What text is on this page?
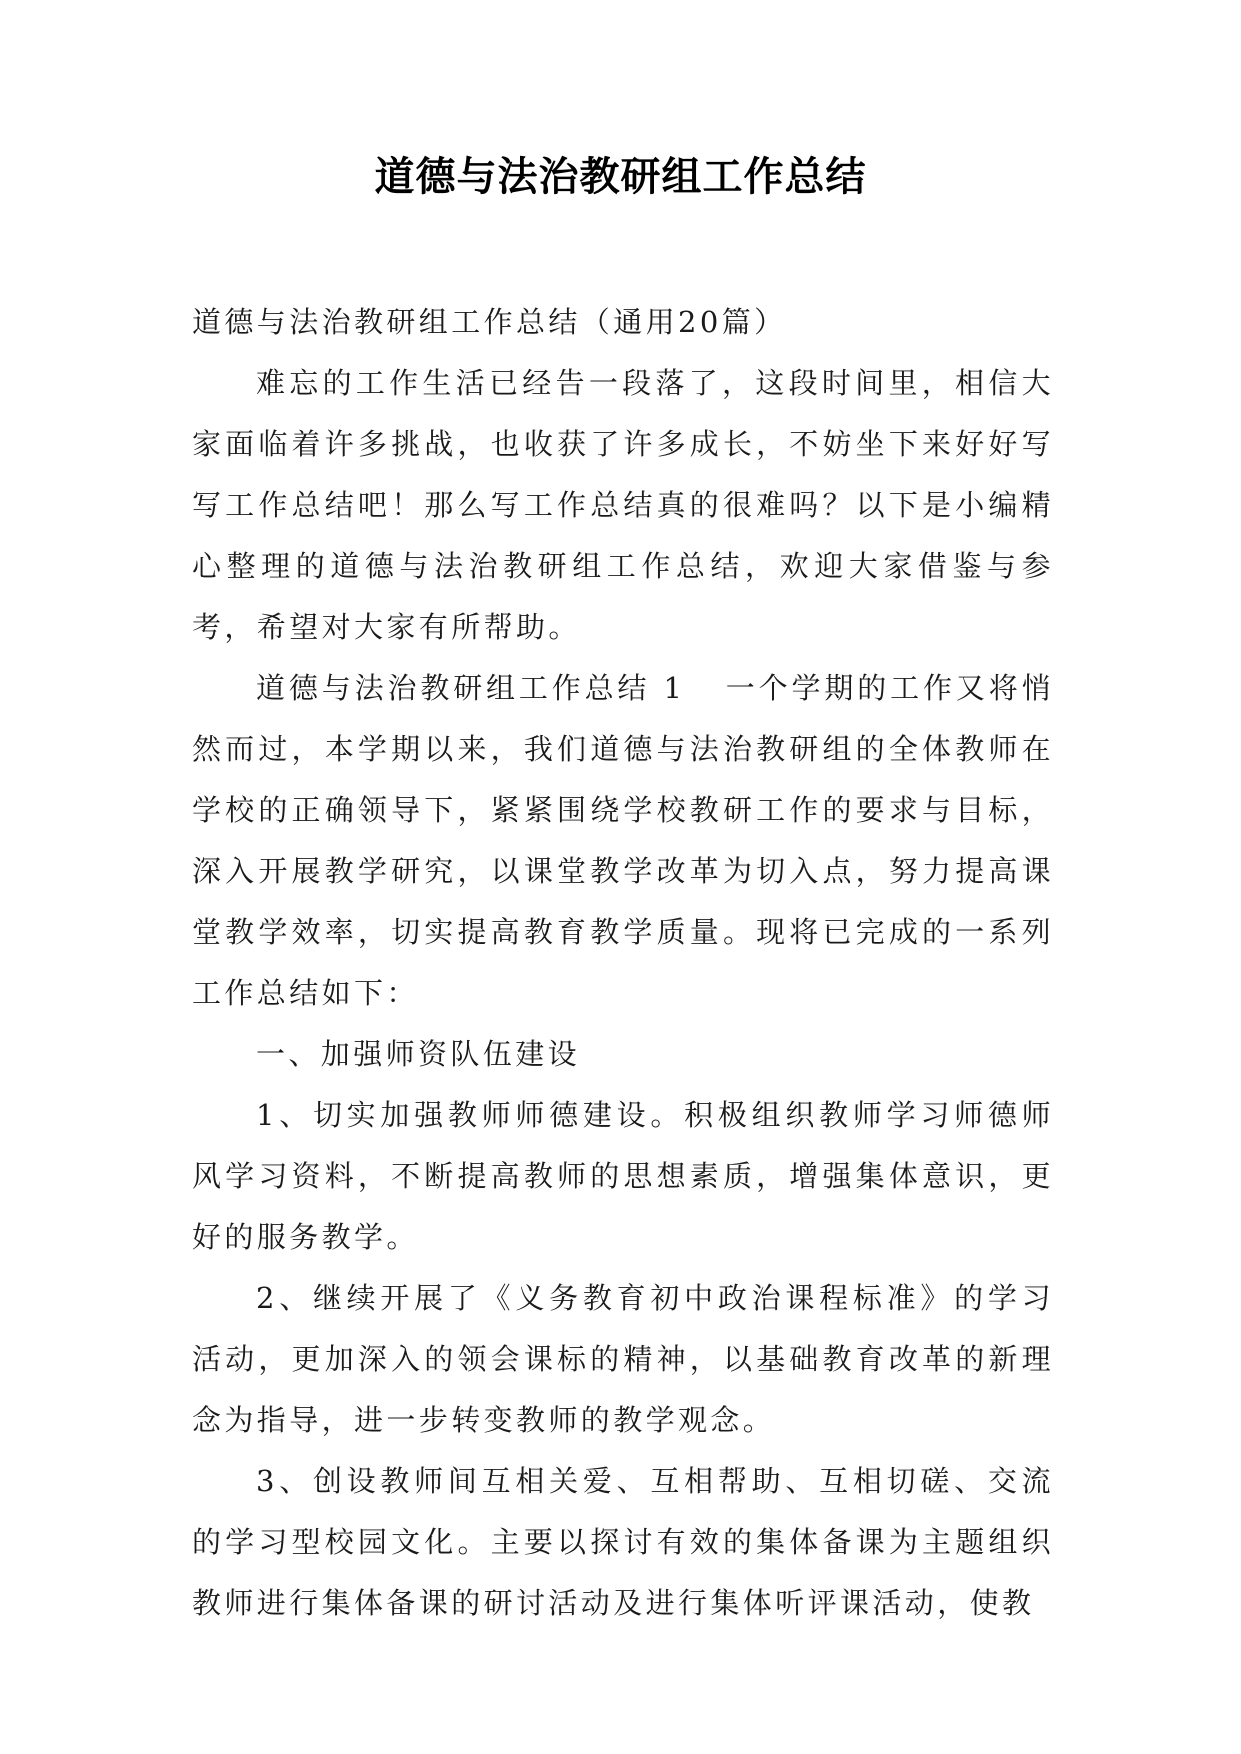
道德与法治教研组工作总结

道德与法治教研组工作总结（通用20篇）

难忘的工作生活已经告一段落了，这段时间里，相信大家面临着许多挑战，也收获了许多成长，不妨坐下来好好写写工作总结吧！那么写工作总结真的很难吗？以下是小编精心整理的道德与法治教研组工作总结，欢迎大家借鉴与参考，希望对大家有所帮助。

道德与法治教研组工作总结 1 一个学期的工作又将悄然而过，本学期以来，我们道德与法治教研组的全体教师在学校的正确领导下，紧紧围绕学校教研工作的要求与目标，深入开展教学研究，以课堂教学改革为切入点，努力提高课堂教学效率，切实提高教育教学质量。现将已完成的一系列工作总结如下：

一、加强师资队伍建设

1、切实加强教师师德建设。积极组织教师学习师德师风学习资料，不断提高教师的思想素质，增强集体意识，更好的服务教学。

2、继续开展了《义务教育初中政治课程标准》的学习活动，更加深入的领会课标的精神，以基础教育改革的新理念为指导，进一步转变教师的教学观念。

3、创设教师间互相关爱、互相帮助、互相切磋、交流的学习型校园文化。主要以探讨有效的集体备课为主题组织教师进行集体备课的研讨活动及进行集体听评课活动，使教
